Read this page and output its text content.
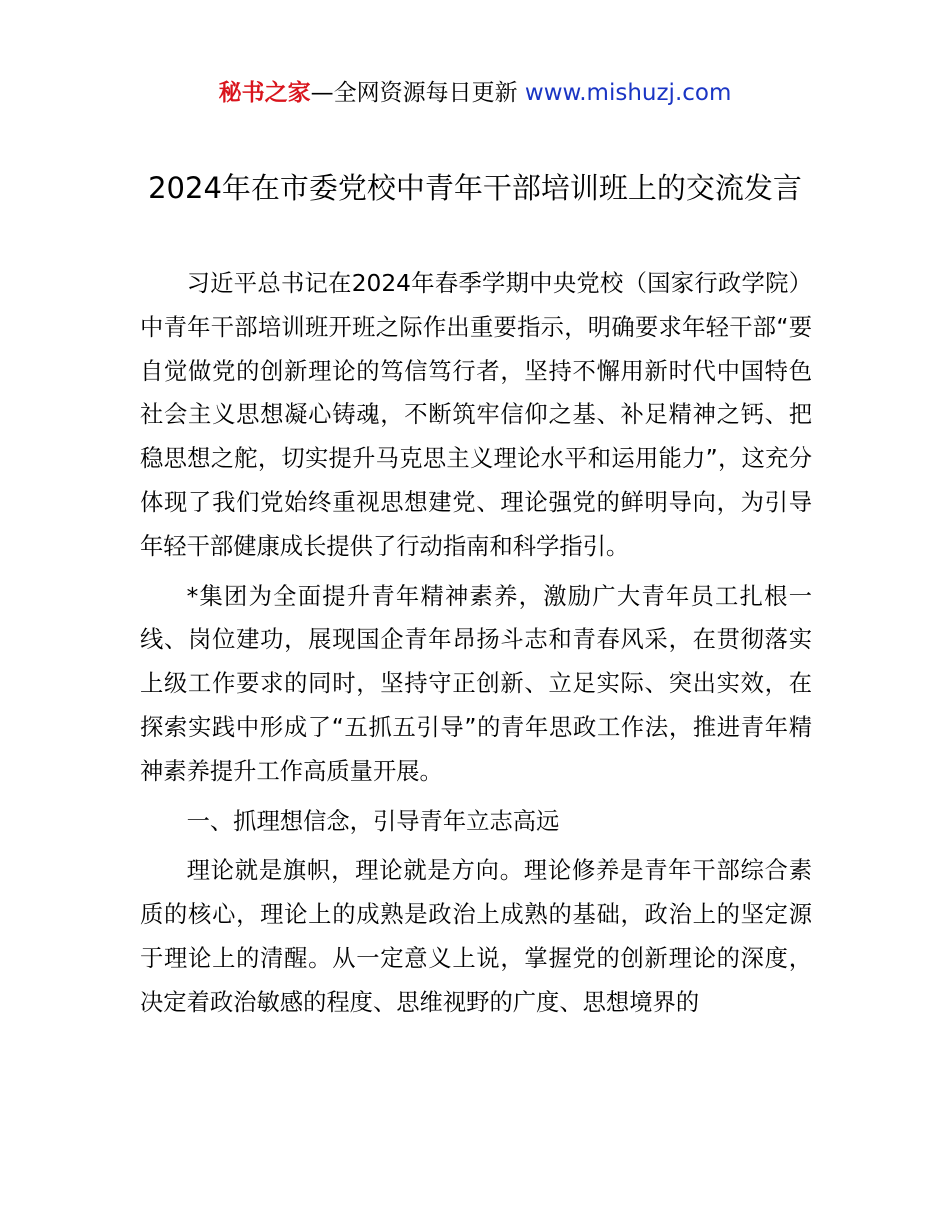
秘书之家—全网资源每日更新 www.mishuzj.com
2024年在市委党校中青年干部培训班上的交流发言

习近平总书记在2024年春季学期中央党校（国家行政学院）中青年干部培训班开班之际作出重要指示，明确要求年轻干部“要自觉做党的创新理论的笃信笃行者，坚持不懈用新时代中国特色社会主义思想凝心铸魂，不断筑牢信仰之基、补足精神之钙、把稳思想之舵，切实提升马克思主义理论水平和运用能力”，这充分体现了我们党始终重视思想建党、理论强党的鲜明导向，为引导年轻干部健康成长提供了行动指南和科学指引。

*集团为全面提升青年精神素养，激励广大青年员工扎根一线、岗位建功，展现国企青年昂扬斗志和青春风采，在贯彻落实上级工作要求的同时，坚持守正创新、立足实际、突出实效，在探索实践中形成了“五抓五引导”的青年思政工作法，推进青年精神素养提升工作高质量开展。

一、抓理想信念，引导青年立志高远

理论就是旗帜，理论就是方向。理论修养是青年干部综合素质的核心，理论上的成熟是政治上成熟的基础，政治上的坚定源于理论上的清醒。从一定意义上说，掌握党的创新理论的深度，决定着政治敏感的程度、思维视野的广度、思想境界的
